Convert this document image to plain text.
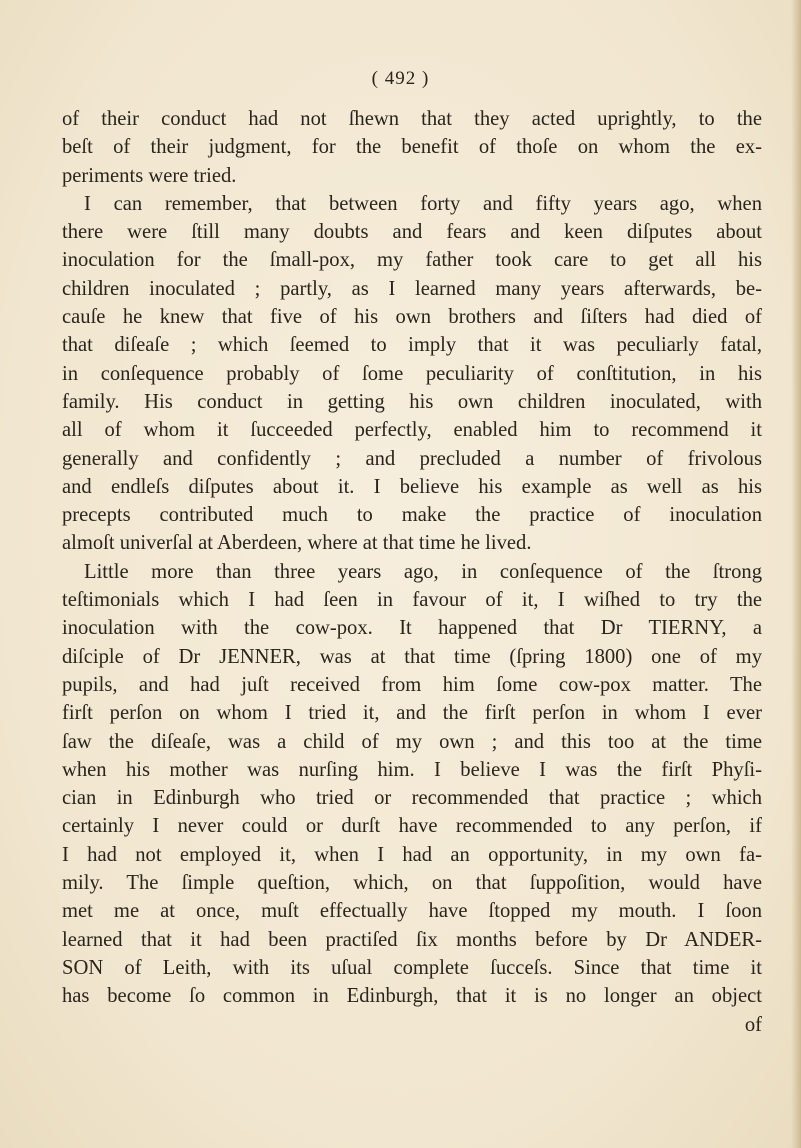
( 492 )
of their conduct had not ſhewn that they acted uprightly, to the
beſt of their judgment, for the benefit of thoſe on whom the ex-
periments were tried.
I can remember, that between forty and fifty years ago, when
there were ſtill many doubts and fears and keen diſputes about
inoculation for the ſmall-pox, my father took care to get all his
children inoculated ; partly, as I learned many years afterwards, be-
cauſe he knew that five of his own brothers and ſiſters had died of
that diſeaſe ; which ſeemed to imply that it was peculiarly fatal,
in conſequence probably of ſome peculiarity of conſtitution, in his
family. His conduct in getting his own children inoculated, with
all of whom it ſucceeded perfectly, enabled him to recommend it
generally and confidently ; and precluded a number of frivolous
and endleſs diſputes about it. I believe his example as well as his
precepts contributed much to make the practice of inoculation
almoſt univerſal at Aberdeen, where at that time he lived.
Little more than three years ago, in conſequence of the ſtrong
teſtimonials which I had ſeen in favour of it, I wiſhed to try the
inoculation with the cow-pox. It happened that Dr TIERNY, a
diſciple of Dr JENNER, was at that time (ſpring 1800) one of my
pupils, and had juſt received from him ſome cow-pox matter. The
firſt perſon on whom I tried it, and the firſt perſon in whom I ever
ſaw the diſeaſe, was a child of my own ; and this too at the time
when his mother was nurſing him. I believe I was the firſt Phyſi-
cian in Edinburgh who tried or recommended that practice ; which
certainly I never could or durſt have recommended to any perſon, if
I had not employed it, when I had an opportunity, in my own fa-
mily. The ſimple queſtion, which, on that ſuppoſition, would have
met me at once, muſt effectually have ſtopped my mouth. I ſoon
learned that it had been practiſed ſix months before by Dr ANDER-
SON of Leith, with its uſual complete ſucceſs. Since that time it
has become ſo common in Edinburgh, that it is no longer an object
of
